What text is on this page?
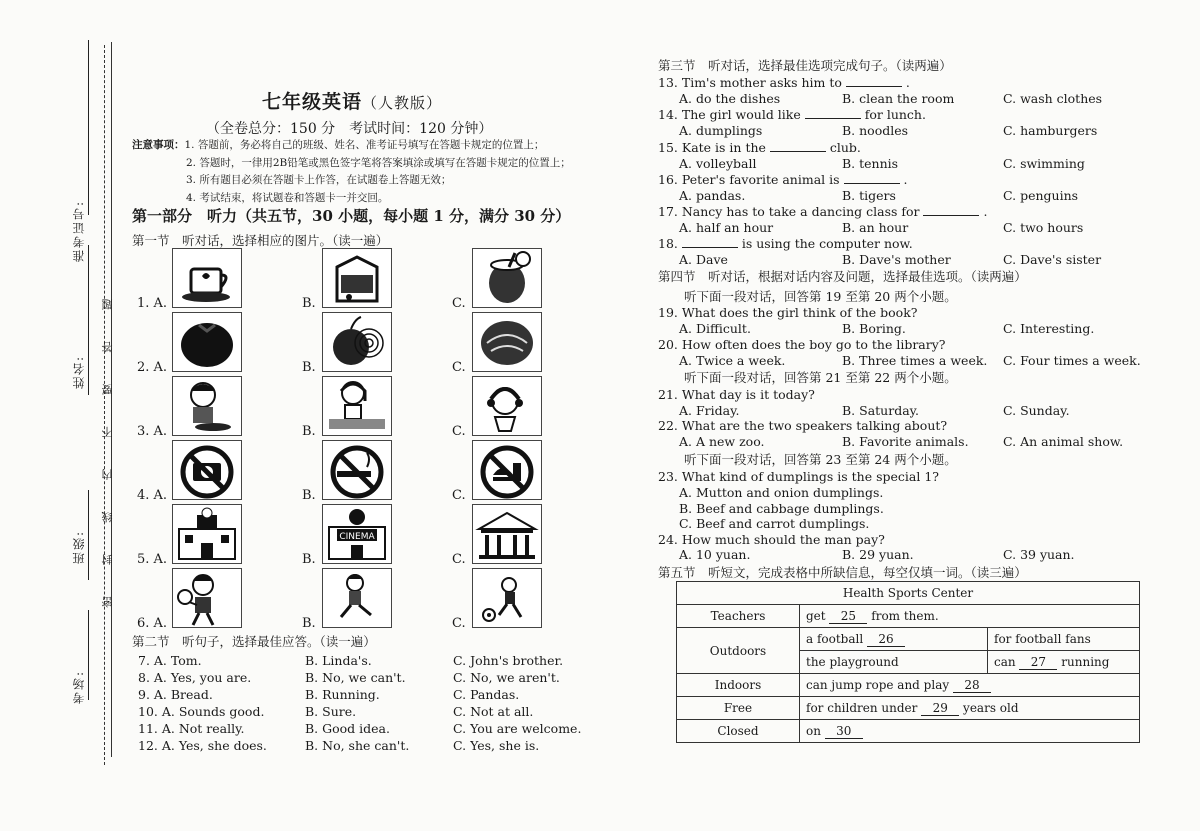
准考证号:
姓名:
班级:
考场:
密 封 线 内 不 要 答 题
七年级英语（人教版）
（全卷总分：150 分　考试时间：120 分钟）
注意事项：1. 答题前，务必将自己的班级、姓名、准考证号填写在答题卡规定的位置上；
2. 答题时，一律用2B铅笔或黑色签字笔将答案填涂或填写在答题卡规定的位置上；
3. 所有题目必须在答题卡上作答，在试题卷上答题无效；
4. 考试结束，将试题卷和答题卡一并交回。
第一部分　听力（共五节，30 小题，每小题 1 分，满分 30 分）
第一节　听对话，选择相应的图片。（读一遍）
1. A.	B.	C.
2. A.	B.	C.
3. A.	B.	C.
4. A.	B.	C.
5. A.	B.	C.
CINEMA
6. A.	B.	C.
第二节　听句子，选择最佳应答。（读一遍）
7. A. Tom.	B. Linda's.	C. John's brother.
8. A. Yes, you are.	B. No, we can't.	C. No, we aren't.
9. A. Bread.	B. Running.	C. Pandas.
10. A. Sounds good.	B. Sure.	C. Not at all.
11. A. Not really.	B. Good idea.	C. You are welcome.
12. A. Yes, she does.	B. No, she can't.	C. Yes, she is.
第三节　听对话，选择最佳选项完成句子。（读两遍）
13. Tim's mother asks him to	.
A. do the dishes	B. clean the room	C. wash clothes
14. The girl would like	for lunch.
A. dumplings	B. noodles	C. hamburgers
15. Kate is in the	club.
A. volleyball	B. tennis	C. swimming
16. Peter's favorite animal is	.
A. pandas.	B. tigers	C. penguins
17. Nancy has to take a dancing class for	.
A. half an hour	B. an hour	C. two hours
18.	is using the computer now.
A. Dave	B. Dave's mother	C. Dave's sister
第四节　听对话，根据对话内容及问题，选择最佳选项。（读两遍）
听下面一段对话，回答第 19 至第 20 两个小题。
19. What does the girl think of the book?
A. Difficult.	B. Boring.	C. Interesting.
20. How often does the boy go to the library?
A. Twice a week.	B. Three times a week. C. Four times a week.
21. What day is it today?
A. Friday.	B. Saturday.	C. Sunday.
22. What are the two speakers talking about?
A. A new zoo.	B. Favorite animals.	C. An animal show.
23. What kind of dumplings is the special 1?
A. Mutton and onion dumplings.
B. Beef and cabbage dumplings.
C. Beef and carrot dumplings.
24. How much should the man pay?
A. 10 yuan.	B. 29 yuan.	C. 39 yuan.
听下面一段对话，回答第 21 至第 22 两个小题。
听下面一段对话，回答第 23 至第 24 两个小题。
第五节　听短文，完成表格中所缺信息，每空仅填一词。（读三遍）
Health Sports Center		
Teachers	get 25 from them.	
Outdoors	a football 26	for football fans
	the playground	can 27 running
Indoors	can jump rope and play 28	
Free	for children under 29 years old	
Closed	on 30	
